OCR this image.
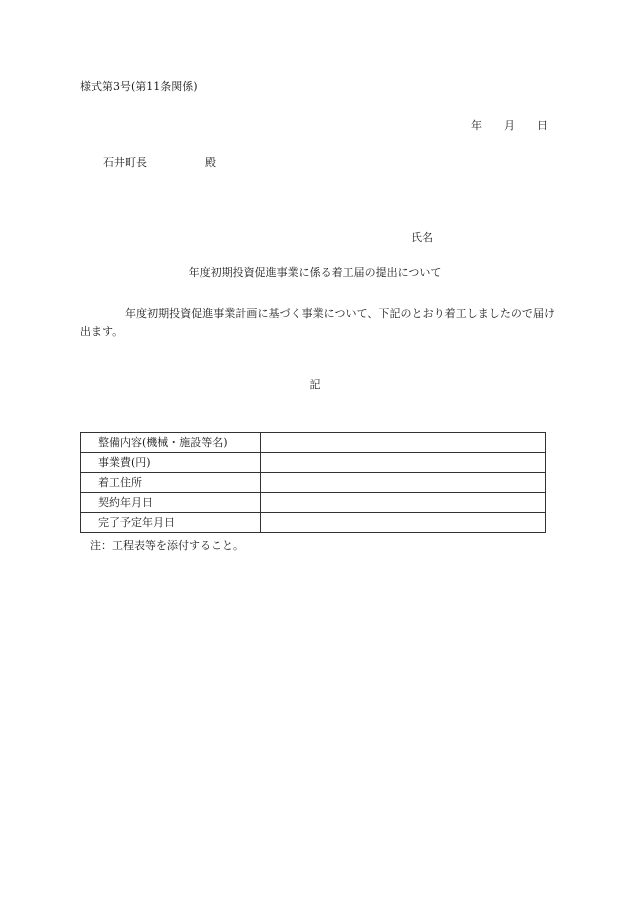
様式第3号(第11条関係)
年 月 日
石井町長	殿
氏名
年度初期投資促進事業に係る着工届の提出について
年度初期投資促進事業計画に基づく事業について、下記のとおり着工しましたので届け出ます。
記
整備内容(機械・施設等名)	
事業費(円)	
着工住所	
契約年月日	
完了予定年月日	
注：工程表等を添付すること。
